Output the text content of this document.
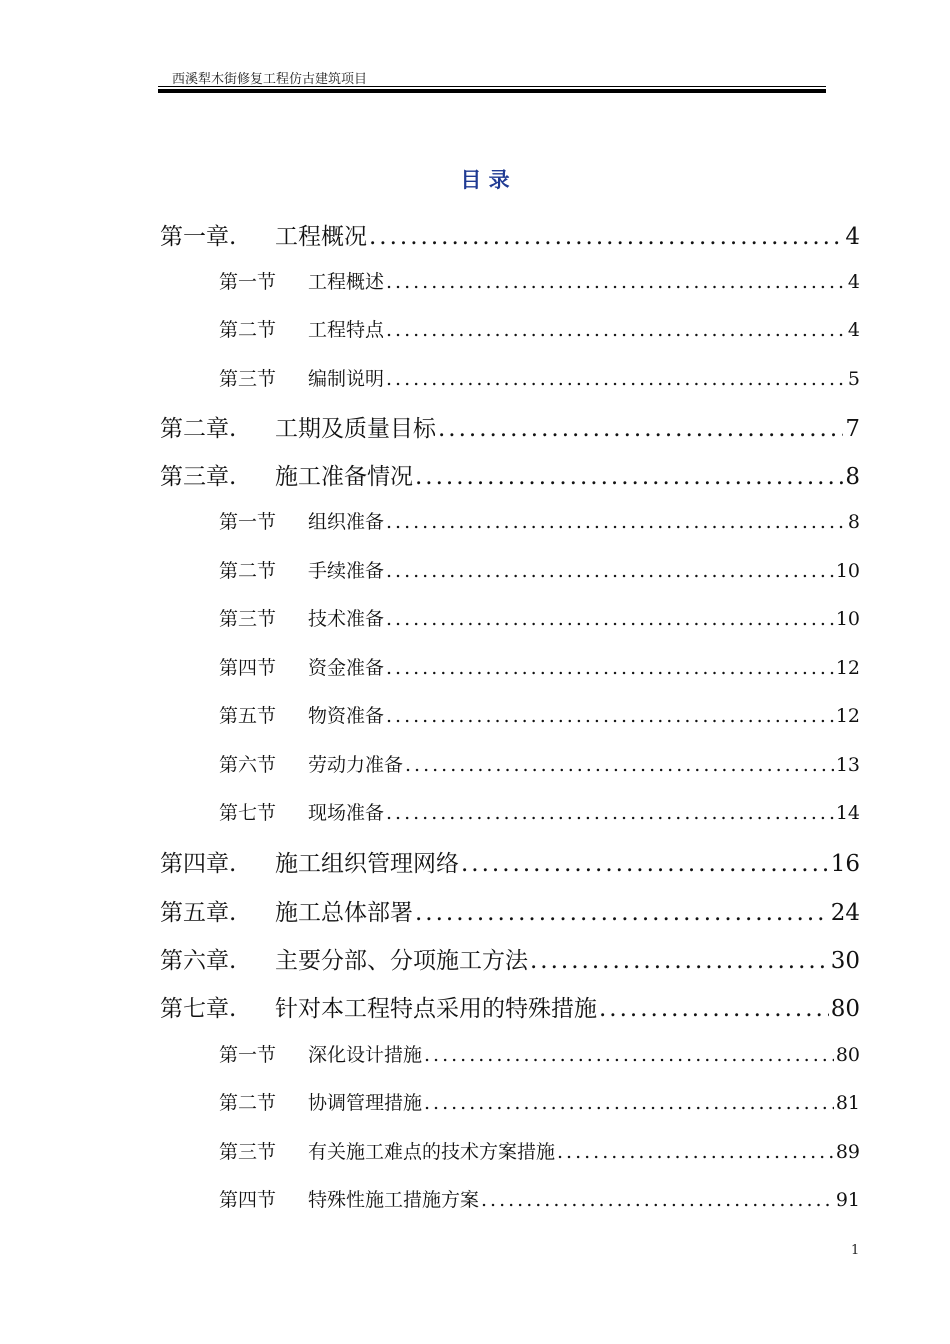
西溪犁木街修复工程仿古建筑项目
目 录
第一章.	工程概况 .....	4
第一节	工程概述 .....	4
第二节	工程特点 .....	4
第三节	编制说明 .....	5
第二章.	工期及质量目标 .....	7
第三章.	施工准备情况 .....	8
第一节	组织准备 .....	8
第二节	手续准备 .....	10
第三节	技术准备 .....	10
第四节	资金准备 .....	12
第五节	物资准备 .....	12
第六节	劳动力准备 .....	13
第七节	现场准备 .....	14
第四章.	施工组织管理网络 .....	16
第五章.	施工总体部署 .....	24
第六章.	主要分部、分项施工方法 .....	30
第七章.	针对本工程特点采用的特殊措施 .....	80
第一节	深化设计措施 .....	80
第二节	协调管理措施 .....	81
第三节	有关施工难点的技术方案措施 .....	89
第四节	特殊性施工措施方案 .....	91
1
